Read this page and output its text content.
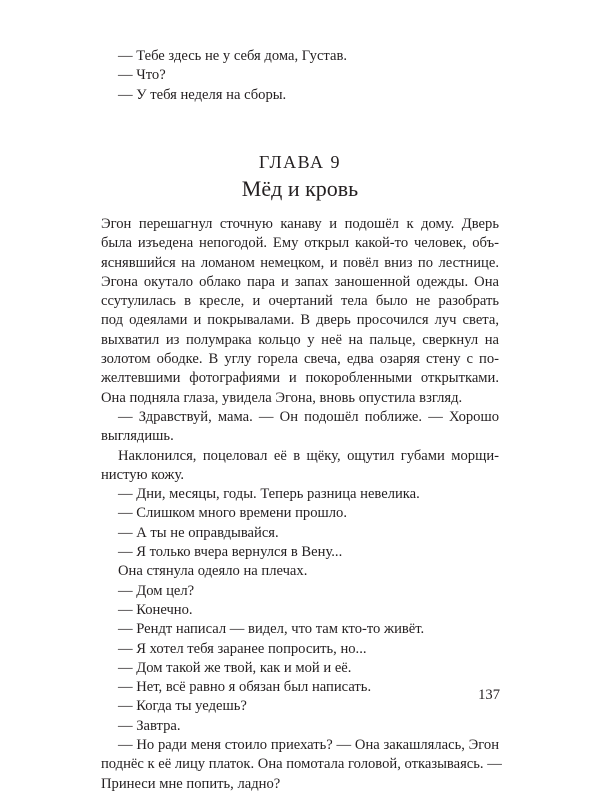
— Тебе здесь не у себя дома, Густав.
— Что?
— У тебя неделя на сборы.
ГЛАВА 9
Мёд и кровь
Эгон перешагнул сточную канаву и подошёл к дому. Дверь
была изъедена непогодой. Ему открыл какой-то человек, объ-
яснявшийся на ломаном немецком, и повёл вниз по лестнице.
Эгона окутало облако пара и запах заношенной одежды. Она
ссутулилась в кресле, и очертаний тела было не разобрать
под одеялами и покрывалами. В дверь просочился луч света,
выхватил из полумрака кольцо у неё на пальце, сверкнул на
золотом ободке. В углу горела свеча, едва озаряя стену с по-
желтевшими фотографиями и покоробленными открытками.
Она подняла глаза, увидела Эгона, вновь опустила взгляд.
— Здравствуй, мама. — Он подошёл поближе. — Хорошо
выглядишь.
Наклонился, поцеловал её в щёку, ощутил губами морщи-
нистую кожу.
— Дни, месяцы, годы. Теперь разница невелика.
— Слишком много времени прошло.
— А ты не оправдывайся.
— Я только вчера вернулся в Вену...
Она стянула одеяло на плечах.
— Дом цел?
— Конечно.
— Рендт написал — видел, что там кто-то живёт.
— Я хотел тебя заранее попросить, но...
— Дом такой же твой, как и мой и её.
— Нет, всё равно я обязан был написать.
— Когда ты уедешь?
— Завтра.
— Но ради меня стоило приехать? — Она закашлялась, Эгон
поднёс к её лицу платок. Она помотала головой, отказываясь. —
Принеси мне попить, ладно?
137
